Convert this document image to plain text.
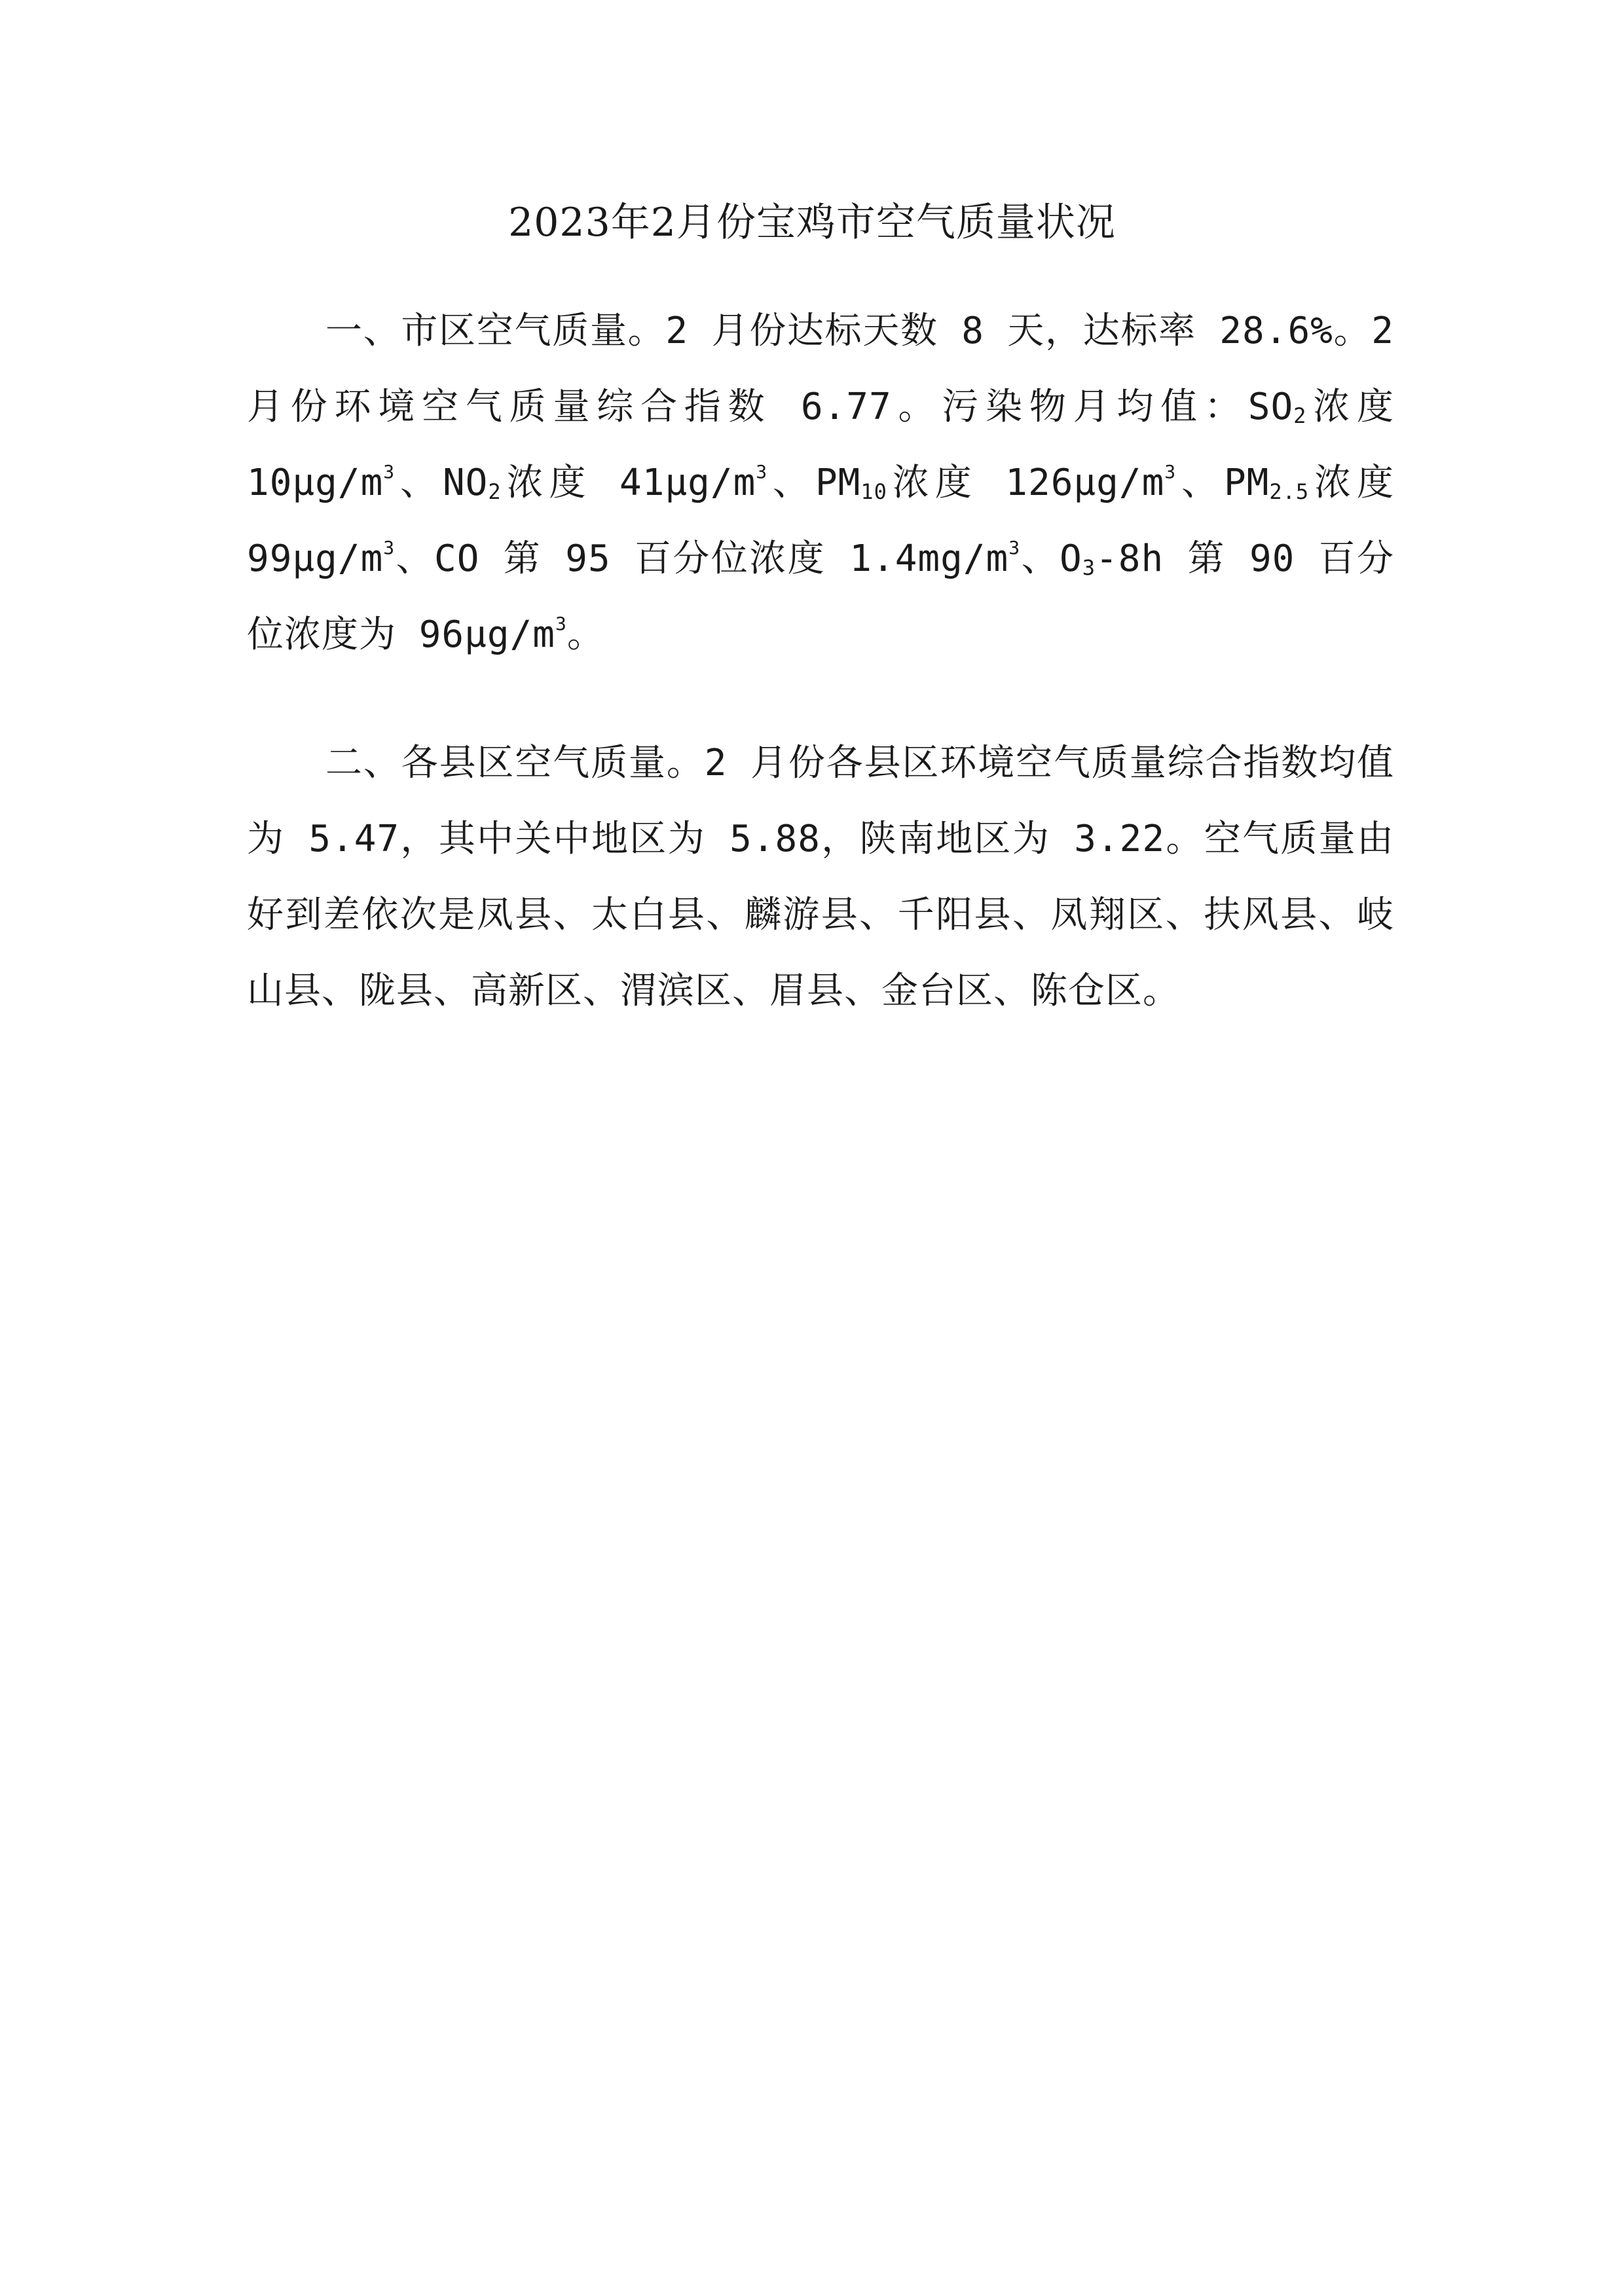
2023年2月份宝鸡市空气质量状况

一、市区空气质量。2 月份达标天数 8 天，达标率 28.6%。2 月份环境空气质量综合指数 6.77。污染物月均值：$SO_2$浓度 $10\mu g/m^3$、$NO_2$浓度 $41\mu g/m^3$、$PM_{10}$浓度 $126\mu g/m^3$、$PM_{2.5}$浓度 $99\mu g/m^3$、CO 第 95 百分位浓度 $1.4mg/m^3$、$O_3-8h$ 第 90 百分位浓度为 $96\mu g/m^3$。

二、各县区空气质量。2 月份各县区环境空气质量综合指数均值为 5.47，其中关中地区为 5.88，陕南地区为 3.22。空气质量由好到差依次是凤县、太白县、麟游县、千阳县、凤翔区、扶风县、岐山县、陇县、高新区、渭滨区、眉县、金台区、陈仓区。
